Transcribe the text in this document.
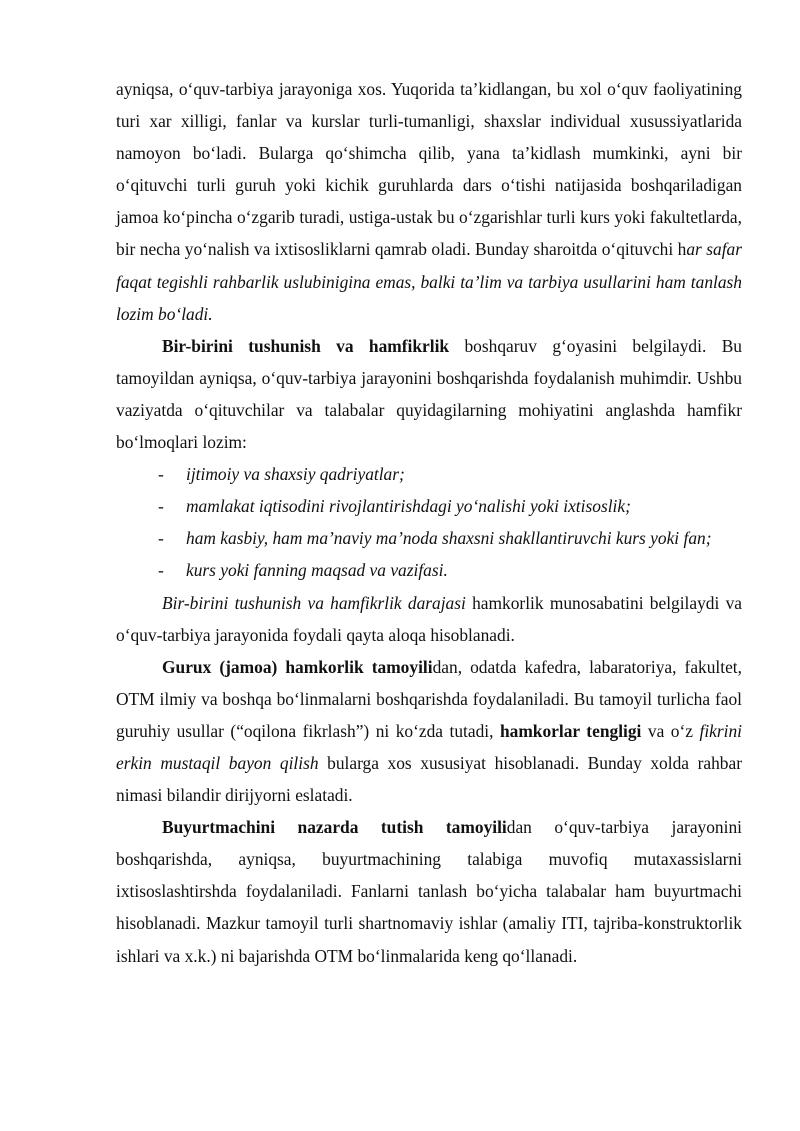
ayniqsa, o‘quv-tarbiya jarayoniga xos. Yuqorida ta’kidlangan, bu xol o‘quv faoliyatining turi xar xilligi, fanlar va kurslar turli-tumanligi, shaxslar individual xusussiyatlarida namoyon bo‘ladi. Bularga qo‘shimcha qilib, yana ta’kidlash mumkinki, ayni bir o‘qituvchi turli guruh yoki kichik guruhlarda dars o‘tishi natijasida boshqariladigan jamoa ko‘pincha o‘zgarib turadi, ustiga-ustak bu o‘zgarishlar turli kurs yoki fakultetlarda, bir necha yo‘nalish va ixtisosliklarni qamrab oladi. Bunday sharoitda o‘qituvchi har safar faqat tegishli rahbarlik uslubinigina emas, balki ta’lim va tarbiya usullarini ham tanlash lozim bo‘ladi.

Bir-birini tushunish va hamfikrlik boshqaruv g‘oyasini belgilaydi. Bu tamoyildan ayniqsa, o‘quv-tarbiya jarayonini boshqarishda foydalanish muhimdir. Ushbu vaziyatda o‘qituvchilar va talabalar quyidagilarning mohiyatini anglashda hamfikr bo‘lmoqlari lozim:

- ijtimoiy va shaxsiy qadriyatlar;
- mamlakat iqtisodini rivojlantirishdagi yo‘nalishi yoki ixtisoslik;
- ham kasbiy, ham ma’naviy ma’noda shaxsni shakllantiruvchi kurs yoki fan;
- kurs yoki fanning maqsad va vazifasi.

Bir-birini tushunish va hamfikrlik darajasi hamkorlik munosabatini belgilaydi va o‘quv-tarbiya jarayonida foydali qayta aloqa hisoblanadi.

Gurux (jamoa) hamkorlik tamoyilidan, odatda kafedra, labaratoriya, fakultet, OTM ilmiy va boshqa bo‘linmalarni boshqarishda foydalaniladi. Bu tamoyil turlicha faol guruhiy usullar (“oqilona fikrlash”) ni ko‘zda tutadi, hamkorlar tengligi va o‘z fikrini erkin mustaqil bayon qilish bularga xos xususiyat hisoblanadi. Bunday xolda rahbar nimasi bilandir dirijyorni eslatadi.

Buyurtmachini nazarda tutish tamoyilidan o‘quv-tarbiya jarayonini boshqarishda, ayniqsa, buyurtmachining talabiga muvofiq mutaxassislarni ixtisoslashtirshda foydalaniladi. Fanlarni tanlash bo‘yicha talabalar ham buyurtmachi hisoblanadi. Mazkur tamoyil turli shartnomaviy ishlar (amaliy ITI, tajriba-konstruktorlik ishlari va x.k.) ni bajarishda OTM bo‘linmalarida keng qo‘llanadi.
